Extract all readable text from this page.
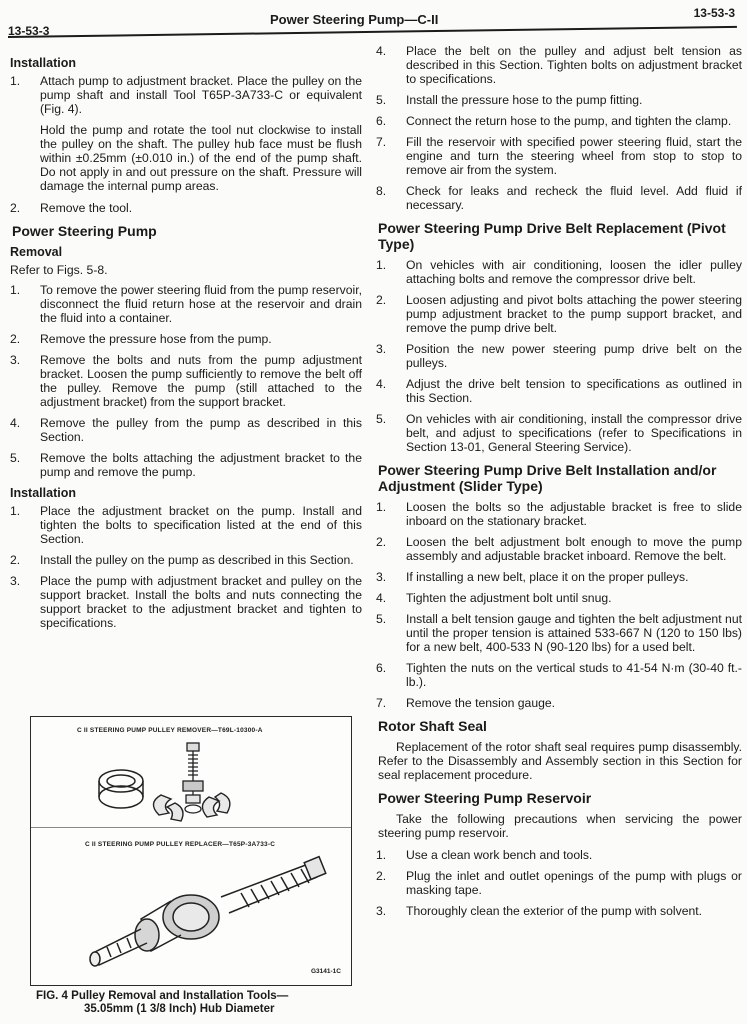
13-53-3
Power Steering Pump—C-II	13-53-3
Installation
1. Attach pump to adjustment bracket. Place the pulley on the pump shaft and install Tool T65P-3A733-C or equivalent (Fig. 4).
Hold the pump and rotate the tool nut clockwise to install the pulley on the shaft. The pulley hub face must be flush within ±0.25mm (±0.010 in.) of the end of the pump shaft. Do not apply in and out pressure on the shaft. Pressure will damage the internal pump areas.
2. Remove the tool.
Power Steering Pump
Removal
Refer to Figs. 5-8.
1. To remove the power steering fluid from the pump reservoir, disconnect the fluid return hose at the reservoir and drain the fluid into a container.
2. Remove the pressure hose from the pump.
3. Remove the bolts and nuts from the pump adjustment bracket. Loosen the pump sufficiently to remove the belt off the pulley. Remove the pump (still attached to the adjustment bracket) from the support bracket.
4. Remove the pulley from the pump as described in this Section.
5. Remove the bolts attaching the adjustment bracket to the pump and remove the pump.
Installation
1. Place the adjustment bracket on the pump. Install and tighten the bolts to specification listed at the end of this Section.
2. Install the pulley on the pump as described in this Section.
3. Place the pump with adjustment bracket and pulley on the support bracket. Install the bolts and nuts connecting the support bracket to the adjustment bracket and tighten to specifications.
C II STEERING PUMP PULLEY REMOVER—T69L-10300-A
C II STEERING PUMP PULLEY REPLACER—T65P-3A733-C
G3141-1C
FIG. 4 Pulley Removal and Installation Tools—
35.05mm (1 3/8 Inch) Hub Diameter
4. Place the belt on the pulley and adjust belt tension as described in this Section. Tighten bolts on adjustment bracket to specifications.
5. Install the pressure hose to the pump fitting.
6. Connect the return hose to the pump, and tighten the clamp.
7. Fill the reservoir with specified power steering fluid, start the engine and turn the steering wheel from stop to stop to remove air from the system.
8. Check for leaks and recheck the fluid level. Add fluid if necessary.
Power Steering Pump Drive Belt Replacement (Pivot Type)
1. On vehicles with air conditioning, loosen the idler pulley attaching bolts and remove the compressor drive belt.
2. Loosen adjusting and pivot bolts attaching the power steering pump adjustment bracket to the pump support bracket, and remove the pump drive belt.
3. Position the new power steering pump drive belt on the pulleys.
4. Adjust the drive belt tension to specifications as outlined in this Section.
5. On vehicles with air conditioning, install the compressor drive belt, and adjust to specifications (refer to Specifications in Section 13-01, General Steering Service).
Power Steering Pump Drive Belt Installation and/or Adjustment (Slider Type)
1. Loosen the bolts so the adjustable bracket is free to slide inboard on the stationary bracket.
2. Loosen the belt adjustment bolt enough to move the pump assembly and adjustable bracket inboard. Remove the belt.
3. If installing a new belt, place it on the proper pulleys.
4. Tighten the adjustment bolt until snug.
5. Install a belt tension gauge and tighten the belt adjustment nut until the proper tension is attained 533-667 N (120 to 150 lbs) for a new belt, 400-533 N (90-120 lbs) for a used belt.
6. Tighten the nuts on the vertical studs to 41-54 N·m (30-40 ft.-lb.).
7. Remove the tension gauge.
Rotor Shaft Seal
Replacement of the rotor shaft seal requires pump disassembly. Refer to the Disassembly and Assembly section in this Section for seal replacement procedure.
Power Steering Pump Reservoir
Take the following precautions when servicing the power steering pump reservoir.
1. Use a clean work bench and tools.
2. Plug the inlet and outlet openings of the pump with plugs or masking tape.
3. Thoroughly clean the exterior of the pump with solvent.
